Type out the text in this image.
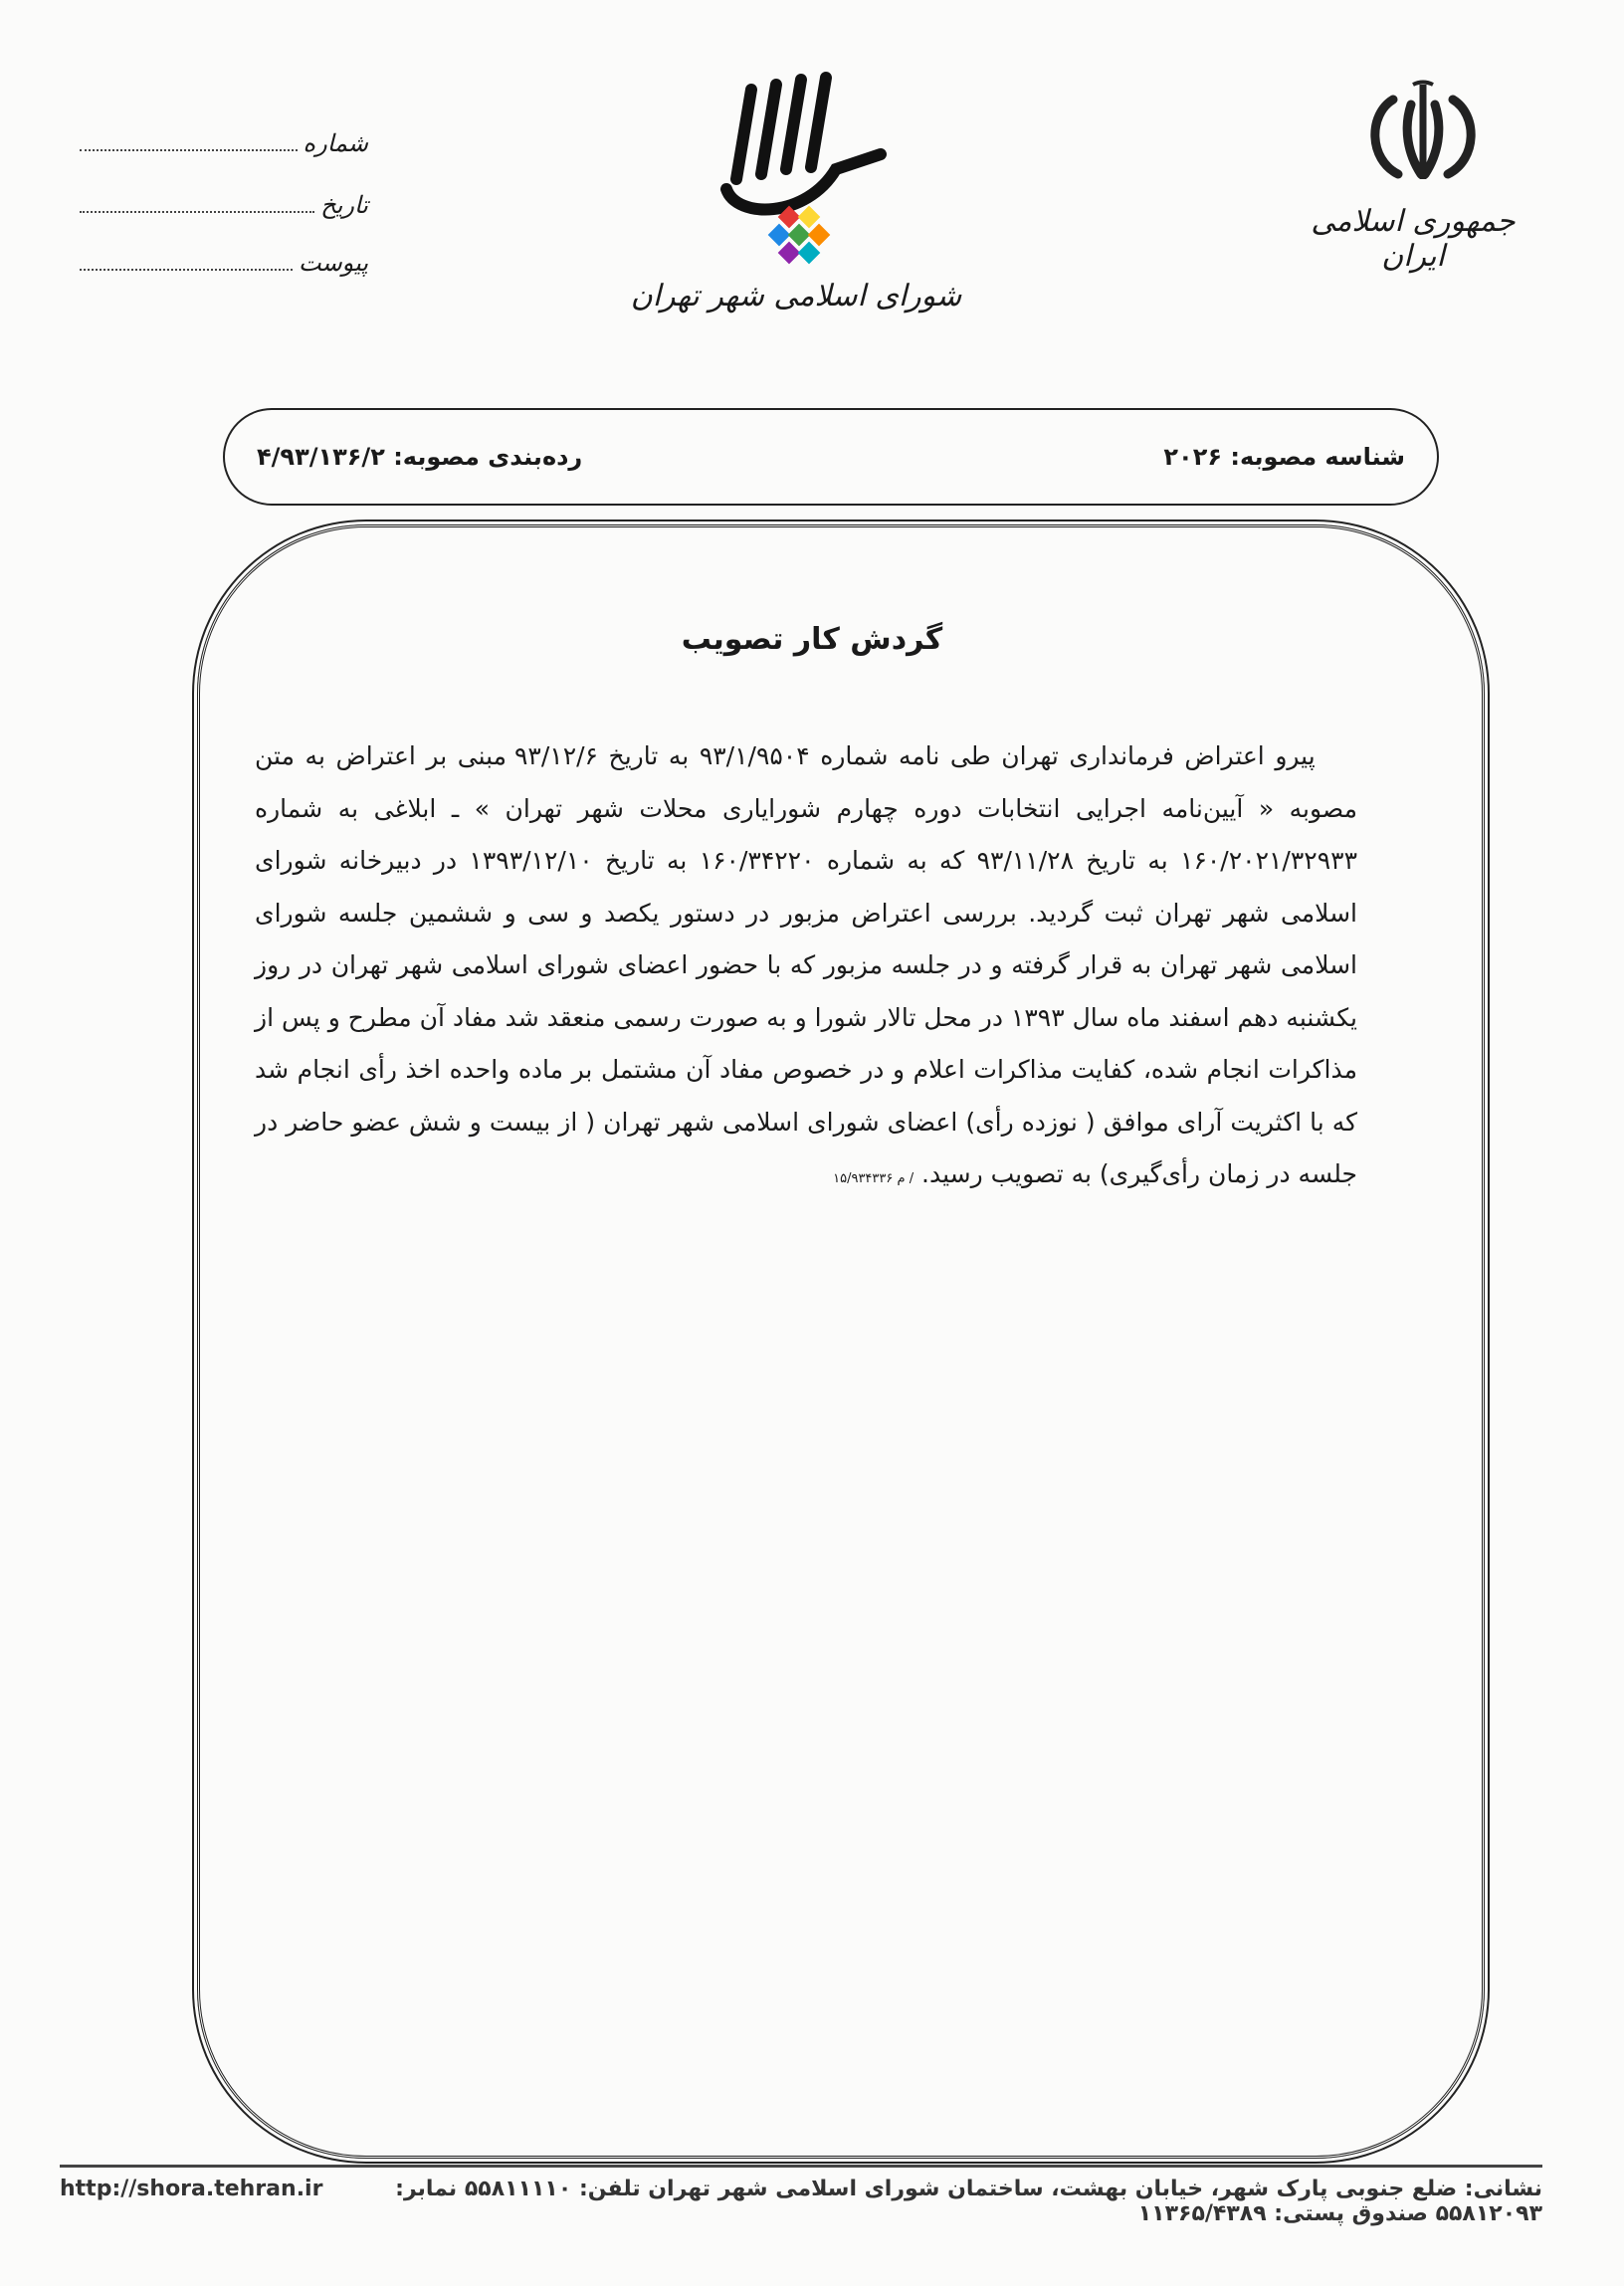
جمهوری اسلامی ایران
شورای اسلامی شهر تهران
شماره
تاریخ
پیوست
شناسه مصوبه: ۲۰۲۶
رده‌بندی مصوبه: ۴/۹۳/۱۳۶/۲
گردش کار تصویب
پیرو اعتراض فرمانداری تهران طی نامه شماره ۹۳/۱/۹۵۰۴ به تاریخ ۹۳/۱۲/۶ مبنی بر اعتراض به متن مصوبه « آیین‌نامه اجرایی انتخابات دوره چهارم شورایاری محلات شهر تهران » ـ ابلاغی به شماره ۱۶۰/۲۰۲۱/۳۲۹۳۳ به تاریخ ۹۳/۱۱/۲۸ که به شماره ۱۶۰/۳۴۲۲۰ به تاریخ ۱۳۹۳/۱۲/۱۰ در دبیرخانه شورای اسلامی شهر تهران ثبت گردید. بررسی اعتراض مزبور در دستور یکصد و سی و ششمین جلسه شورای اسلامی شهر تهران به قرار گرفته و در جلسه مزبور که با حضور اعضای شورای اسلامی شهر تهران در روز یکشنبه دهم اسفند ماه سال ۱۳۹۳ در محل تالار شورا و به صورت رسمی منعقد شد مفاد آن مطرح و پس از مذاکرات انجام شده، کفایت مذاکرات اعلام و در خصوص مفاد آن مشتمل بر ماده واحده اخذ رأی انجام شد که با اکثریت آرای موافق ( نوزده رأی) اعضای شورای اسلامی شهر تهران ( از بیست و شش عضو حاضر در جلسه در زمان رأی‌گیری) به تصویب رسید. / م ۱۵/۹۳۴۳۳۶
http://shora.tehran.ir	نشانی: ضلع جنوبی پارک شهر، خیابان بهشت، ساختمان شورای اسلامی شهر تهران تلفن: ۵۵۸۱۱۱۱۰ نمابر: ۵۵۸۱۲۰۹۳ صندوق پستی: ۱۱۳۶۵/۴۳۸۹
